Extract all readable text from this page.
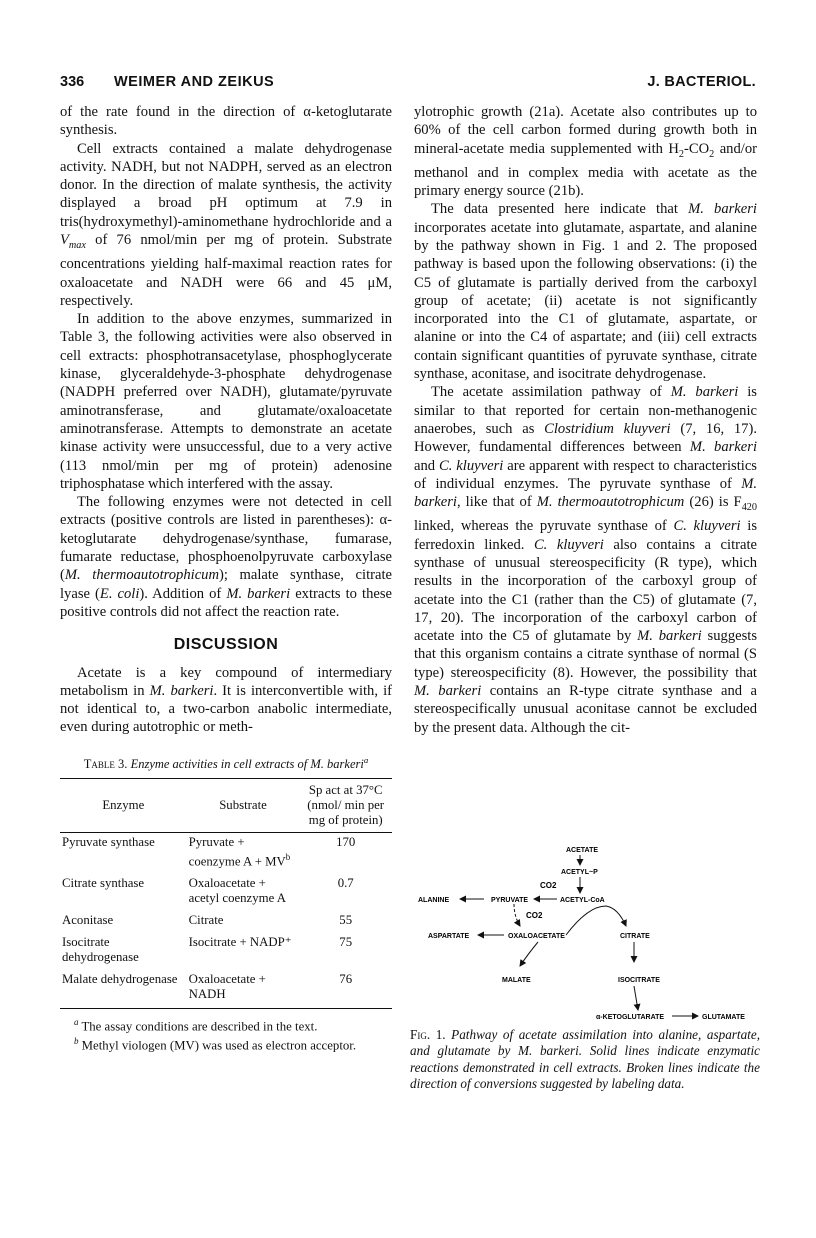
336 WEIMER AND ZEIKUS	J. BACTERIOL.

of the rate found in the direction of α-ketoglutarate synthesis.

Cell extracts contained a malate dehydrogenase activity. NADH, but not NADPH, served as an electron donor. In the direction of malate synthesis, the activity displayed a broad pH optimum at 7.9 in tris(hydroxymethyl)-aminomethane hydrochloride and a $V_{max}$ of 76 nmol/min per mg of protein. Substrate concentrations yielding half-maximal reaction rates for oxaloacetate and NADH were 66 and 45 μM, respectively.

In addition to the above enzymes, summarized in Table 3, the following activities were also observed in cell extracts: phosphotransacetylase, phosphoglycerate kinase, glyceraldehyde-3-phosphate dehydrogenase (NADPH preferred over NADH), glutamate/pyruvate aminotransferase, and glutamate/oxaloacetate aminotransferase. Attempts to demonstrate an acetate kinase activity were unsuccessful, due to a very active (113 nmol/min per mg of protein) adenosine triphosphatase which interfered with the assay.

The following enzymes were not detected in cell extracts (positive controls are listed in parentheses): α-ketoglutarate dehydrogenase/synthase, fumarase, fumarate reductase, phosphoenolpyruvate carboxylase (M. thermoautotrophicum); malate synthase, citrate lyase (E. coli). Addition of M. barkeri extracts to these positive controls did not affect the reaction rate.

DISCUSSION

Acetate is a key compound of intermediary metabolism in M. barkeri. It is interconvertible with, if not identical to, a two-carbon anabolic intermediate, even during autotrophic or meth-

Table 3. Enzyme activities in cell extracts of M. barkeri$^a$
Enzyme	Substrate	Sp act at 37°C (nmol/ min per mg of protein)
Pyruvate synthase	Pyruvate + coenzyme $A + MV^b$	170
Citrate synthase	Oxaloacetate + acetyl coenzyme A	0.7
Aconitase	Citrate	55
Isocitrate dehydrogenase	Isocitrate + NADP⁺	75
Malate dehydrogenase	Oxaloacetate + NADH	76
$^a$ The assay conditions are described in the text.
$^b$ Methyl viologen (MV) was used as electron acceptor.

ylotrophic growth (21a). Acetate also contributes up to 60% of the cell carbon formed during growth both in mineral-acetate media supplemented with $H_2-CO_2$ and/or methanol and in complex media with acetate as the primary energy source (21b).

The data presented here indicate that M. barkeri incorporates acetate into glutamate, aspartate, and alanine by the pathway shown in Fig. 1 and 2. The proposed pathway is based upon the following observations: (i) the C5 of glutamate is partially derived from the carboxyl group of acetate; (ii) acetate is not significantly incorporated into the C1 of glutamate, aspartate, or alanine or into the C4 of aspartate; and (iii) cell extracts contain significant quantities of pyruvate synthase, citrate synthase, aconitase, and isocitrate dehydrogenase.

The acetate assimilation pathway of M. barkeri is similar to that reported for certain non-methanogenic anaerobes, such as Clostridium kluyveri (7, 16, 17). However, fundamental differences between M. barkeri and C. kluyveri are apparent with respect to characteristics of individual enzymes. The pyruvate synthase of M. barkeri, like that of M. thermoautotrophicum (26) is $F_{420}$ linked, whereas the pyruvate synthase of C. kluyveri is ferredoxin linked. C. kluyveri also contains a citrate synthase of unusual stereospecificity (R type), which results in the incorporation of the carboxyl group of acetate into the C1 (rather than the C5) of glutamate (7, 17, 20). The incorporation of the carboxyl carbon of acetate into the C5 of glutamate by M. barkeri suggests that this organism contains a citrate synthase of normal (S type) stereospecificity (8). However, the possibility that M. barkeri contains an R-type citrate synthase and a stereospecifically unusual aconitase cannot be excluded by the present data. Although the cit-

ACETATE
ACETYL~P
CO2
ALANINE	PYRUVATE	ACETYL-CoA
CO2
ASPARTATE	OXALOACETATE	CITRATE
MALATE	ISOCITRATE
α-KETOGLUTARATE	GLUTAMATE
Fig. 1. Pathway of acetate assimilation into alanine, aspartate, and glutamate by M. barkeri. Solid lines indicate enzymatic reactions demonstrated in cell extracts. Broken lines indicate the direction of conversions suggested by labeling data.
